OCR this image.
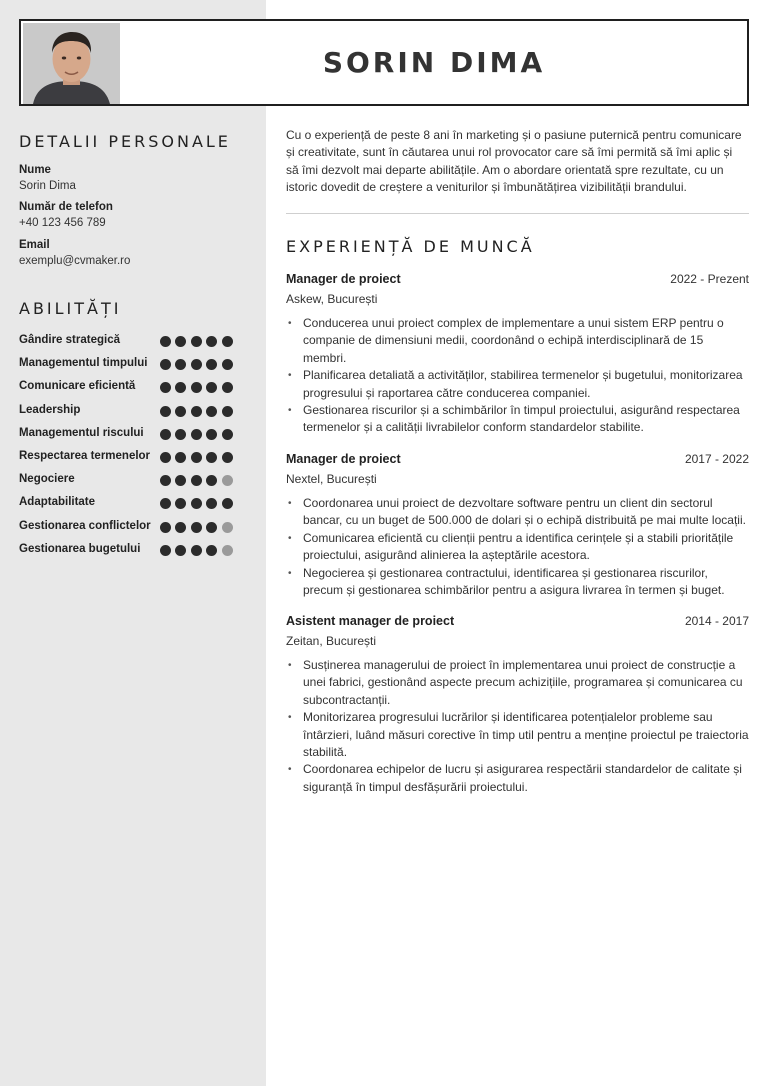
SORIN DIMA
DETALII PERSONALE
Nume
Sorin Dima
Număr de telefon
+40 123 456 789
Email
exemplu@cvmaker.ro
ABILITĂȚI
Gândire strategică
Managementul timpului
Comunicare eficientă
Leadership
Managementul riscului
Respectarea termenelor
Negociere
Adaptabilitate
Gestionarea conflictelor
Gestionarea bugetului
Cu o experiență de peste 8 ani în marketing și o pasiune puternică pentru comunicare și creativitate, sunt în căutarea unui rol provocator care să îmi permită să îmi aplic și să îmi dezvolt mai departe abilitățile. Am o abordare orientată spre rezultate, cu un istoric dovedit de creștere a veniturilor și îmbunătățirea vizibilității brandului.
EXPERIENȚĂ DE MUNCĂ
Manager de proiect	2022 - Prezent
Askew, București
• Conducerea unui proiect complex de implementare a unui sistem ERP pentru o companie de dimensiuni medii, coordonând o echipă interdisciplinară de 15 membri.
• Planificarea detaliată a activităților, stabilirea termenelor și bugetului, monitorizarea progresului și raportarea către conducerea companiei.
• Gestionarea riscurilor și a schimbărilor în timpul proiectului, asigurând respectarea termenelor și a calității livrabilelor conform standardelor stabilite.
Manager de proiect	2017 - 2022
Nextel, București
• Coordonarea unui proiect de dezvoltare software pentru un client din sectorul bancar, cu un buget de 500.000 de dolari și o echipă distribuită pe mai multe locații.
• Comunicarea eficientă cu clienții pentru a identifica cerințele și a stabili prioritățile proiectului, asigurând alinierea la așteptările acestora.
• Negocierea și gestionarea contractului, identificarea și gestionarea riscurilor, precum și gestionarea schimbărilor pentru a asigura livrarea în termen și buget.
Asistent manager de proiect	2014 - 2017
Zeitan, București
• Susținerea managerului de proiect în implementarea unui proiect de construcție a unei fabrici, gestionând aspecte precum achizițiile, programarea și comunicarea cu subcontractanții.
• Monitorizarea progresului lucrărilor și identificarea potențialelor probleme sau întârzieri, luând măsuri corective în timp util pentru a menține proiectul pe traiectoria stabilită.
• Coordonarea echipelor de lucru și asigurarea respectării standardelor de calitate și siguranță în timpul desfășurării proiectului.
